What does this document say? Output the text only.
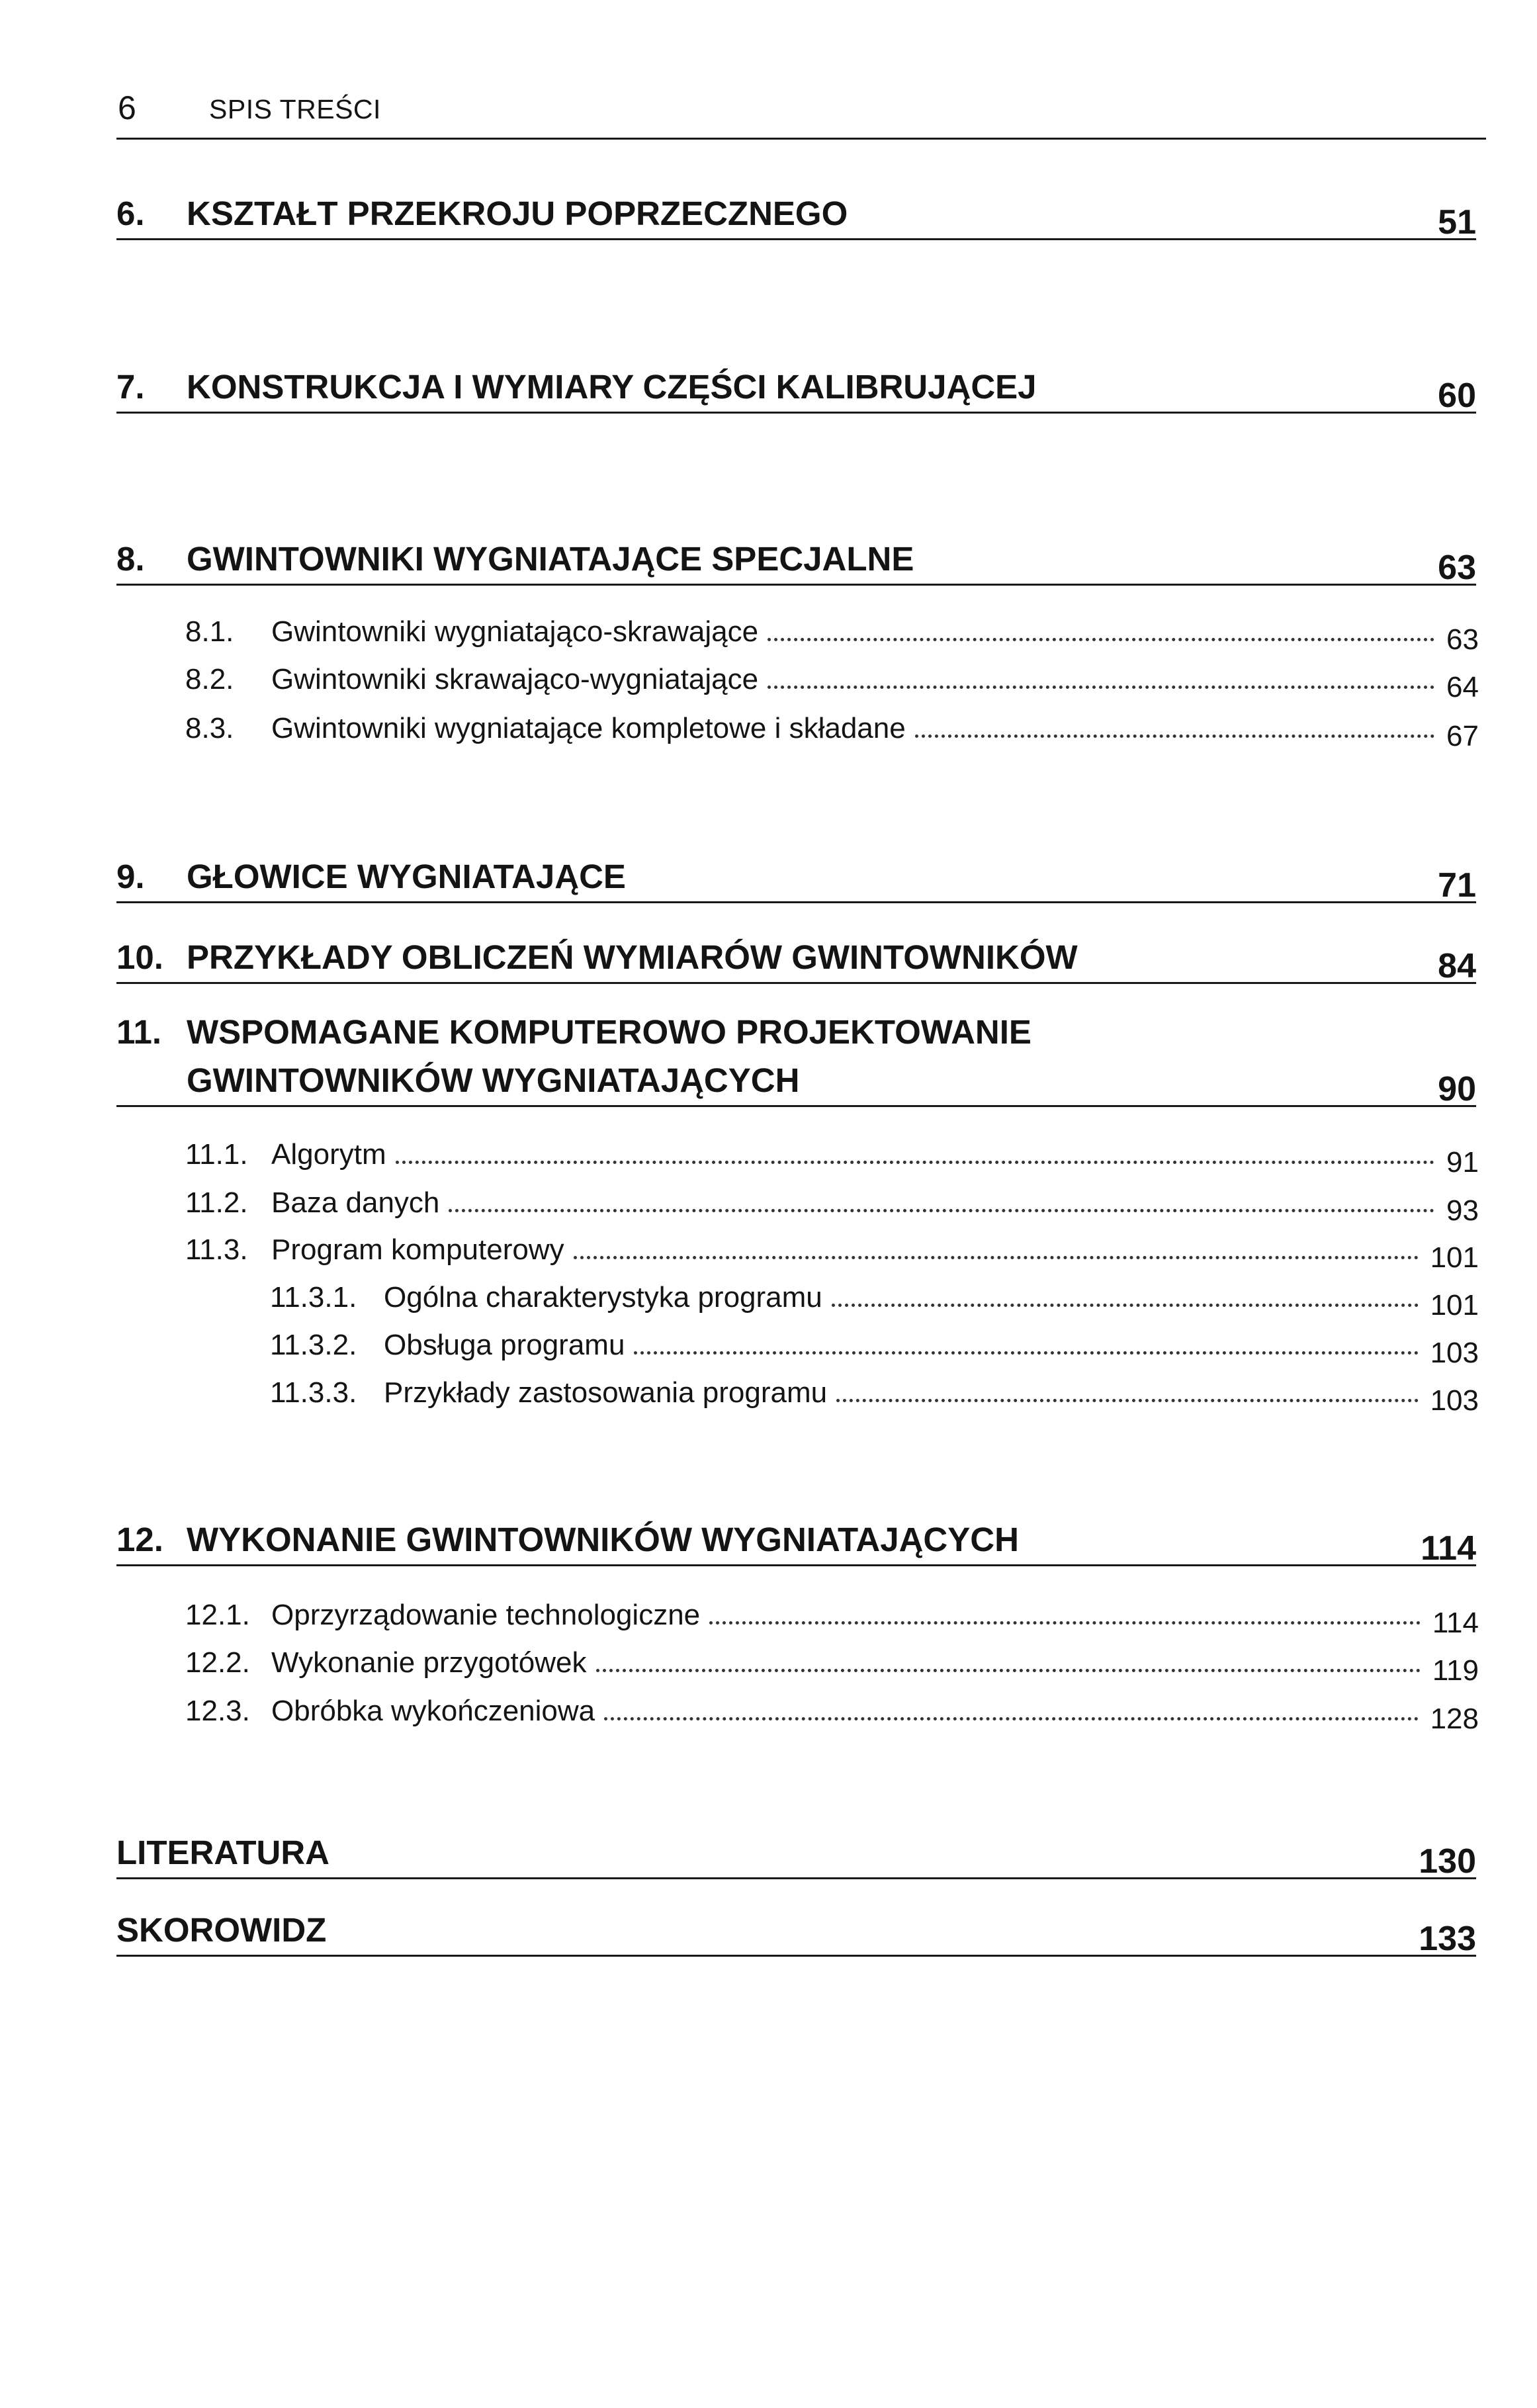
6	SPIS TREŚCI
6. KSZTAŁT PRZEKROJU POPRZECZNEGO	51
7. KONSTRUKCJA I WYMIARY CZĘŚCI KALIBRUJĄCEJ	60
8. GWINTOWNIKI WYGNIATAJĄCE SPECJALNE	63
8.1.	Gwintowniki wygniatająco-skrawające	63
8.2.	Gwintowniki skrawająco-wygniatające	64
8.3.	Gwintowniki wygniatające kompletowe i składane	67
9. GŁOWICE WYGNIATAJĄCE	71
10. PRZYKŁADY OBLICZEŃ WYMIARÓW GWINTOWNIKÓW	84
11. WSPOMAGANE KOMPUTEROWO PROJEKTOWANIE
GWINTOWNIKÓW WYGNIATAJĄCYCH	90
11.1. Algorytm	91
11.2. Baza danych	93
11.3. Program komputerowy	101
11.3.1. Ogólna charakterystyka programu	101
11.3.2. Obsługa programu	103
11.3.3. Przykłady zastosowania programu	103
12. WYKONANIE GWINTOWNIKÓW WYGNIATAJĄCYCH	114
12.1. Oprzyrządowanie technologiczne	114
12.2. Wykonanie przygotówek	119
12.3. Obróbka wykończeniowa	128
LITERATURA	130
SKOROWIDZ	133
